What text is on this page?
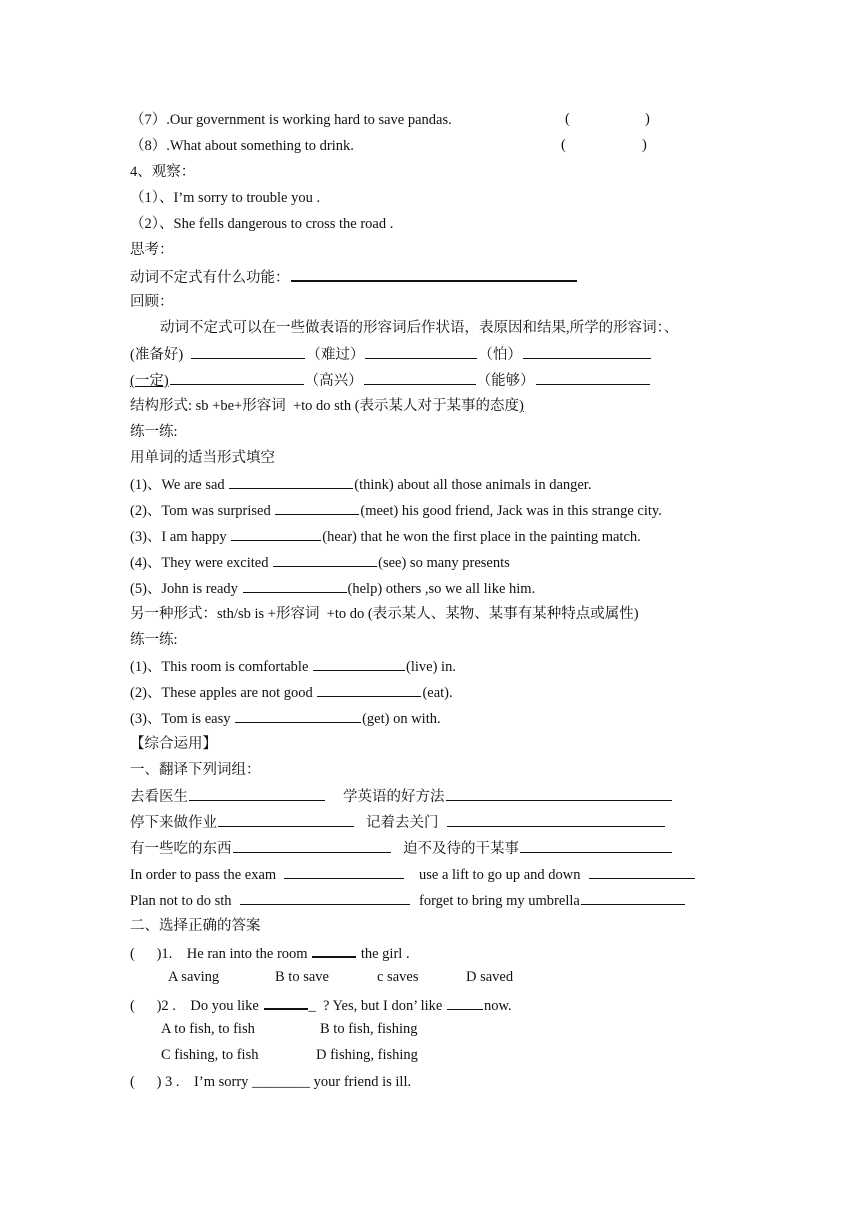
（7）.Our government is working hard to save pandas.	(	)
（8）.What about something to drink.	(	)
4、观察：
（1）、I’m sorry to trouble you .
（2）、She fells dangerous to cross the road .
思考：
动词不定式有什么功能：
回顾：
动词不定式可以在一些做表语的形容词后作状语，表原因和结果,所学的形容词：、
(准备好)	（难过）	（怕）
(一定)	（高兴）	（能够）
结构形式: sb +be+形容词  +to do sth (表示某人对于某事的态度)
练一练:
用单词的适当形式填空
(1)、We are sad	(think) about all those animals in danger.
(2)、Tom was surprised	(meet) his good friend, Jack was in this strange city.
(3)、I am happy	(hear) that he won the first place in the painting match.
(4)、They were excited	(see) so many presents
(5)、John is ready	(help) others ,so we all like him.
另一种形式：sth/sb is +形容词  +to do (表示某人、某物、某事有某种特点或属性)
练一练:
(1)、This room is comfortable	(live) in.
(2)、These apples are not good	(eat).
(3)、Tom is easy	(get) on with.
【综合运用】
一、翻译下列词组：
去看医生	学英语的好方法
停下来做作业	记着去关门
有一些吃的东西	迫不及待的干某事
In order to pass the exam	use a lift to go up and down
Plan not to do sth	forget to bring my umbrella
二、选择正确的答案
(      )1.    He ran into the room	the girl .
A saving	B to save	c saves	D saved
(      )2 .    Do you like	_  ? Yes, but I don’ like	now.
A to fish, to fish	B to fish, fishing
C fishing, to fish	D fishing, fishing
(      ) 3 .    I’m sorry ________ your friend is ill.
